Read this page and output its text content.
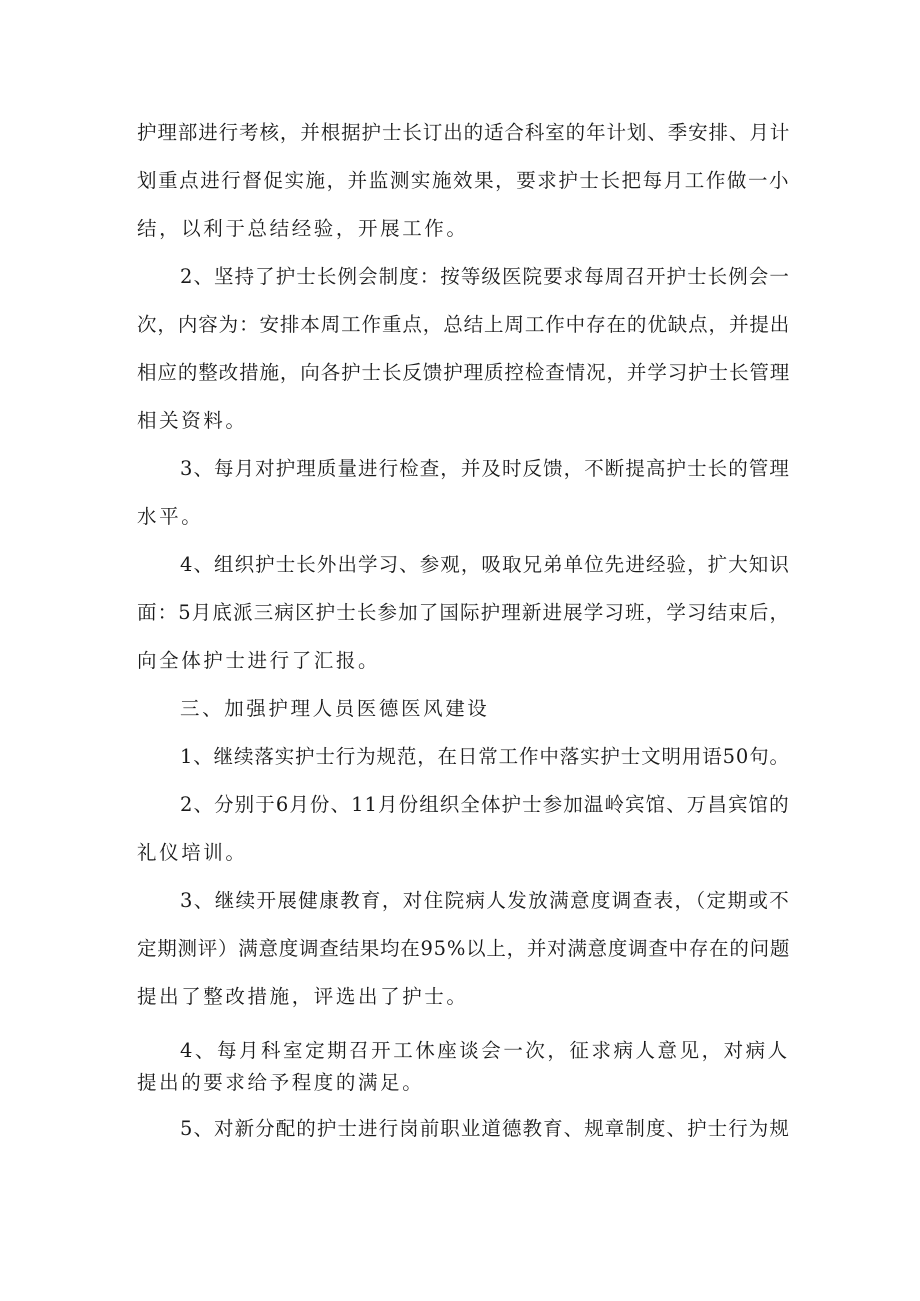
护理部进行考核，并根据护士长订出的适合科室的年计划、季安排、月计
划重点进行督促实施，并监测实施效果，要求护士长把每月工作做一小
结，以利于总结经验，开展工作。
2、坚持了护士长例会制度：按等级医院要求每周召开护士长例会一
次，内容为：安排本周工作重点，总结上周工作中存在的优缺点，并提出
相应的整改措施，向各护士长反馈护理质控检查情况，并学习护士长管理
相关资料。
3、每月对护理质量进行检查，并及时反馈，不断提高护士长的管理
水平。
4、组织护士长外出学习、参观，吸取兄弟单位先进经验，扩大知识
面：5月底派三病区护士长参加了国际护理新进展学习班，学习结束后，
向全体护士进行了汇报。
三、加强护理人员医德医风建设
1、继续落实护士行为规范，在日常工作中落实护士文明用语50句。
2、分别于6月份、11月份组织全体护士参加温岭宾馆、万昌宾馆的
礼仪培训。
3、继续开展健康教育，对住院病人发放满意度调查表，（定期或不
定期测评）满意度调查结果均在95%以上，并对满意度调查中存在的问题
提出了整改措施，评选出了护士。
4、每月科室定期召开工休座谈会一次，征求病人意见，对病人
提出的要求给予程度的满足。
5、对新分配的护士进行岗前职业道德教育、规章制度、护士行为规
